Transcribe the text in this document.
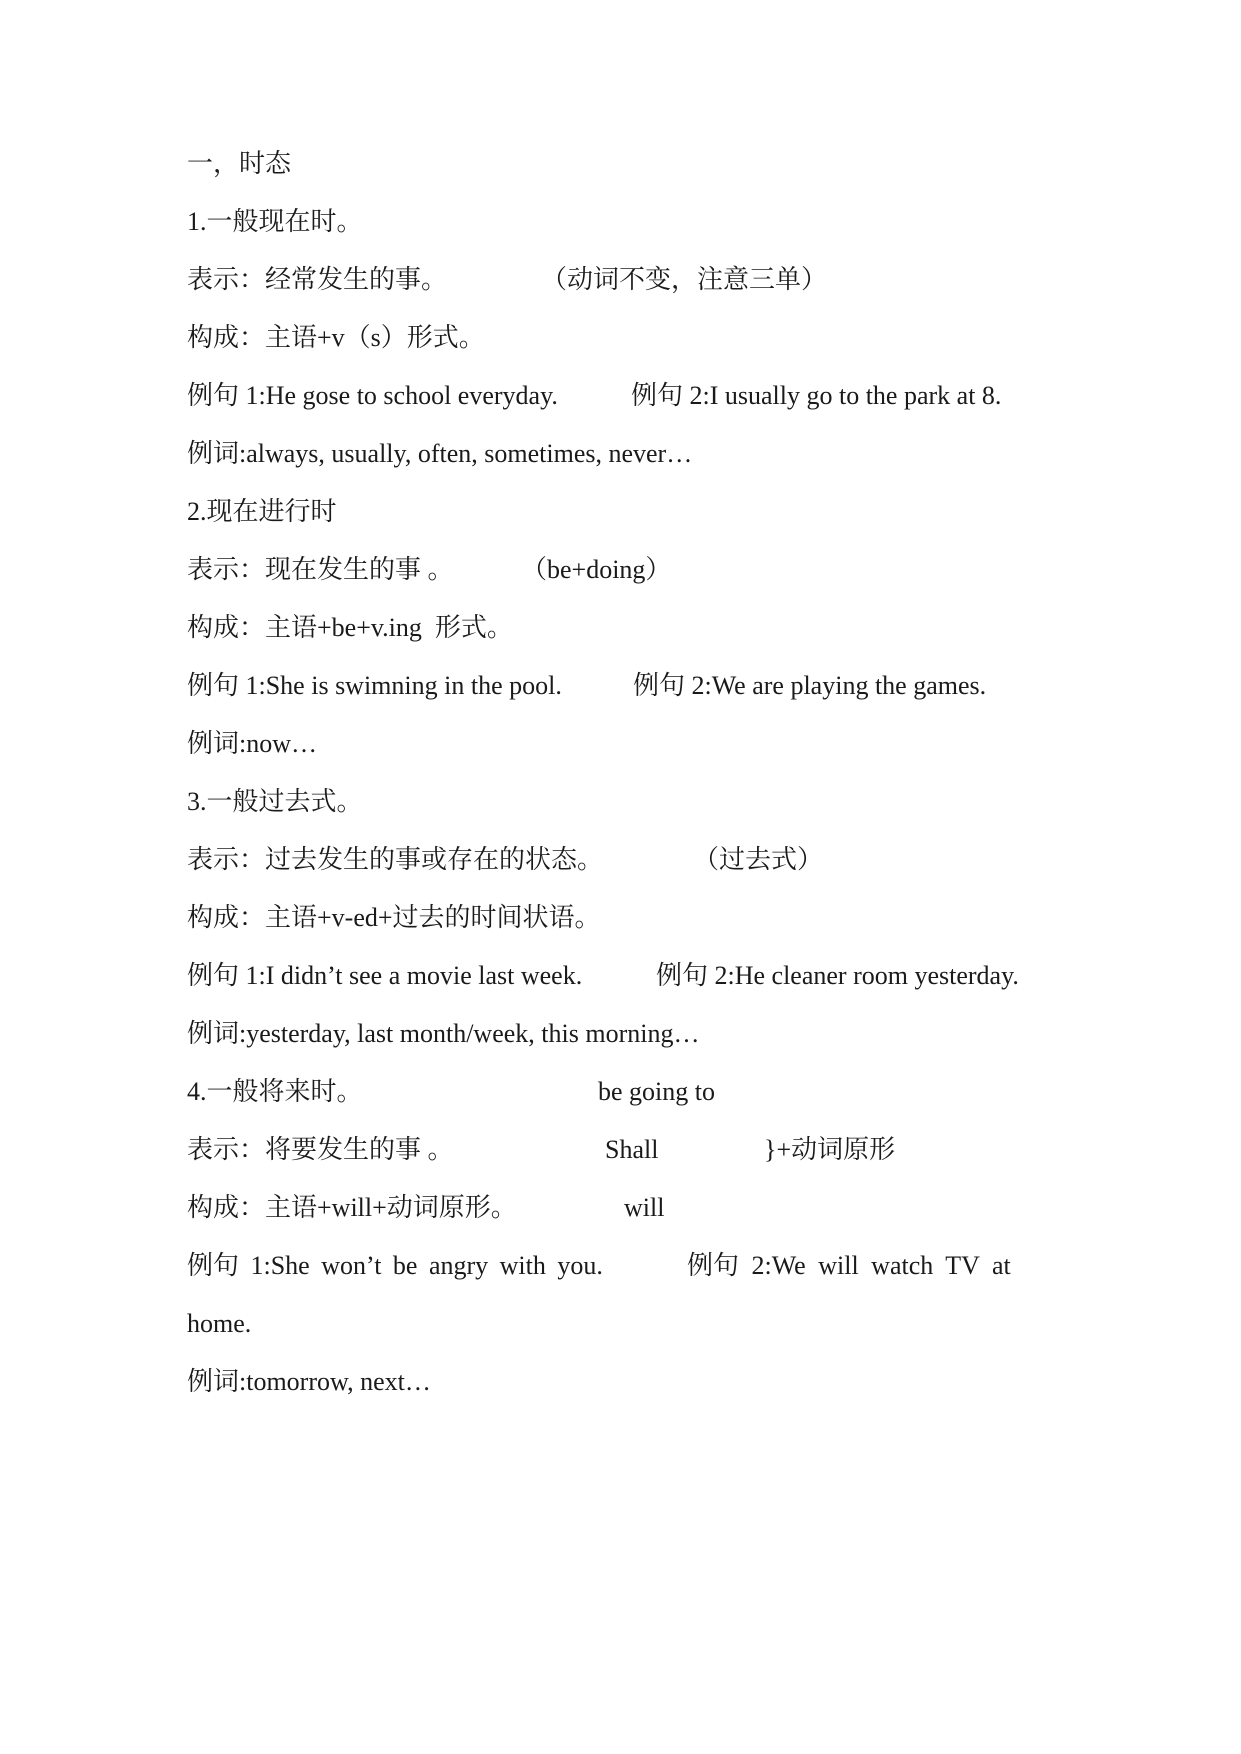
一，时态
1.一般现在时。
表示：经常发生的事。	（动词不变，注意三单）
构成：主语+v（s）形式。
例句 1:He gose to school everyday.	例句 2:I usually go to the park at 8.
例词:always, usually, often, sometimes, never…
2.现在进行时
表示：现在发生的事 。	（be+doing）
构成：主语+be+v.ing  形式。
例句 1:She is swimning in the pool.	例句 2:We are playing the games.
例词:now…
3.一般过去式。
表示：过去发生的事或存在的状态。	（过去式）
构成：主语+v-ed+过去的时间状语。
例句 1:I didn’t see a movie last week.	例句 2:He cleaner room yesterday.
例词:yesterday, last month/week, this morning…
4.一般将来时。	be going to
表示：将要发生的事 。	Shall	}+动词原形
构成：主语+will+动词原形。	will
例句 1:She won’t be angry with you.	例句 2:We will watch TV at
home.
例词:tomorrow, next…
